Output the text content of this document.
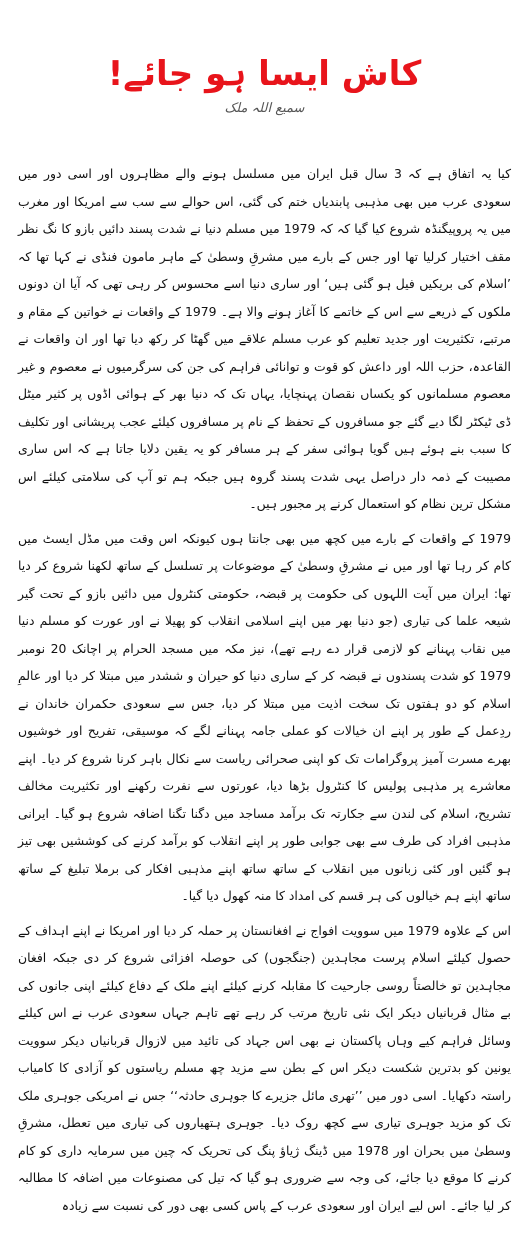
کاش ایسا ہو جائے!
سمیع اللہ ملک

کیا یہ اتفاق ہے کہ 3 سال قبل ایران میں مسلسل ہونے والے مظاہروں اور اسی دور میں سعودی عرب میں بھی مذہبی پابندیاں ختم کی گئی، اس حوالے سے سب سے امریکا اور مغرب میں یہ پروپیگنڈہ شروع کیا گیا کہ کہ 1979 میں مسلم دنیا نے شدت پسند دائیں بازو کا نگ نظر مقف اختیار کرلیا تھا اور جس کے بارے میں مشرقِ وسطیٰ کے ماہر مامون فنڈی نے کہا تھا کہ ’اسلام کی بریکیں فیل ہو گئی ہیں‘ اور ساری دنیا اسے محسوس کر رہی تھی کہ آیا ان دونوں ملکوں کے ذریعے سے اس کے خاتمے کا آغاز ہونے والا ہے۔ 1979 کے واقعات نے خواتین کے مقام و مرتبے، تکثیریت اور جدید تعلیم کو عرب مسلم علاقے میں گھٹا کر رکھ دیا تھا اور ان واقعات نے القاعدہ، حزب اللہ اور داعش کو قوت و توانائی فراہم کی جن کی سرگرمیوں نے معصوم و غیر معصوم مسلمانوں کو یکساں نقصان پہنچایا، یہاں تک کہ دنیا بھر کے ہوائی اڈوں پر کثیر میٹل ڈی ٹیکٹر لگا دیے گئے جو مسافروں کے تحفظ کے نام پر مسافروں کیلئے عجب پریشانی اور تکلیف کا سبب بنے ہوئے ہیں گویا ہوائی سفر کے ہر مسافر کو یہ یقین دلایا جاتا ہے کہ اس ساری مصیبت کے ذمہ دار دراصل یہی شدت پسند گروہ ہیں جبکہ ہم تو آپ کی سلامتی کیلئے اس مشکل ترین نظام کو استعمال کرنے پر مجبور ہیں۔

1979 کے واقعات کے بارے میں کچھ میں بھی جانتا ہوں کیونکہ اس وقت میں مڈل ایسٹ میں کام کر رہا تھا اور میں نے مشرقِ وسطیٰ کے موضوعات پر تسلسل کے ساتھ لکھنا شروع کر دیا تھا: ایران میں آیت اللہوں کی حکومت پر قبضہ، حکومتی کنٹرول میں دائیں بازو کے تحت گیر شیعہ علما کی تیاری (جو دنیا بھر میں اپنے اسلامی انقلاب کو پھیلا نے اور عورت کو مسلم دنیا میں نقاب پہنانے کو لازمی قرار دے رہے تھے)، نیز مکہ میں مسجد الحرام پر اچانک 20 نومبر 1979 کو شدت پسندوں نے قبضہ کر کے ساری دنیا کو حیران و ششدر میں مبتلا کر دیا اور عالمِ اسلام کو دو ہفتوں تک سخت اذیت میں مبتلا کر دیا، جس سے سعودی حکمران خاندان نے ردِعمل کے طور پر اپنے ان خیالات کو عملی جامہ پہنانے لگے کہ موسیقی، تفریح اور خوشیوں بھرے مسرت آمیز پروگرامات تک کو اپنی صحرائی ریاست سے نکال باہر کرنا شروع کر دیا۔ اپنے معاشرے پر مذہبی پولیس کا کنٹرول بڑھا دیا، عورتوں سے نفرت رکھنے اور تکثیریت مخالف تشریح، اسلام کی لندن سے جکارتہ تک برآمد مساجد میں دگنا تگنا اضافہ شروع ہو گیا۔ ایرانی مذہبی افراد کی طرف سے بھی جوابی طور پر اپنے انقلاب کو برآمد کرنے کی کوششیں بھی تیز ہو گئیں اور کئی زبانوں میں انقلاب کے ساتھ ساتھ اپنے مذہبی افکار کی برملا تبلیغ کے ساتھ ساتھ اپنے ہم خیالوں کی ہر قسم کی امداد کا منہ کھول دیا گیا۔

اس کے علاوہ 1979 میں سوویت افواج نے افغانستان پر حملہ کر دیا اور امریکا نے اپنے اہداف کے حصول کیلئے اسلام پرست مجاہدین (جنگجوں) کی حوصلہ افزائی شروع کر دی جبکہ افغان مجاہدین تو خالصتاً روسی جارحیت کا مقابلہ کرنے کیلئے اپنے ملک کے دفاع کیلئے اپنی جانوں کی بے مثال قربانیاں دیکر ایک نئی تاریخ مرتب کر رہے تھے تاہم جہاں سعودی عرب نے اس کیلئے وسائل فراہم کیے وہاں پاکستان نے بھی اس جہاد کی تائید میں لازوال قربانیاں دیکر سوویت یونین کو بدترین شکست دیکر اس کے بطن سے مزید چھ مسلم ریاستوں کو آزادی کا کامیاب راستہ دکھایا۔ اسی دور میں ’’تھری مائل جزیرے کا جوہری حادثہ‘‘ جس نے امریکی جوہری ملک تک کو مزید جوہری تیاری سے کچھ روک دیا۔ جوہری ہتھیاروں کی تیاری میں تعطل، مشرقِ وسطیٰ میں بحران اور 1978 میں ڈینگ ژیاؤ پنگ کی تحریک کہ چین میں سرمایہ داری کو کام کرنے کا موقع دیا جائے، کی وجہ سے ضروری ہو گیا کہ تیل کی مصنوعات میں اضافہ کا مطالبہ کر لیا جائے۔ اس لیے ایران اور سعودی عرب کے پاس کسی بھی دور کی نسبت سے زیادہ
